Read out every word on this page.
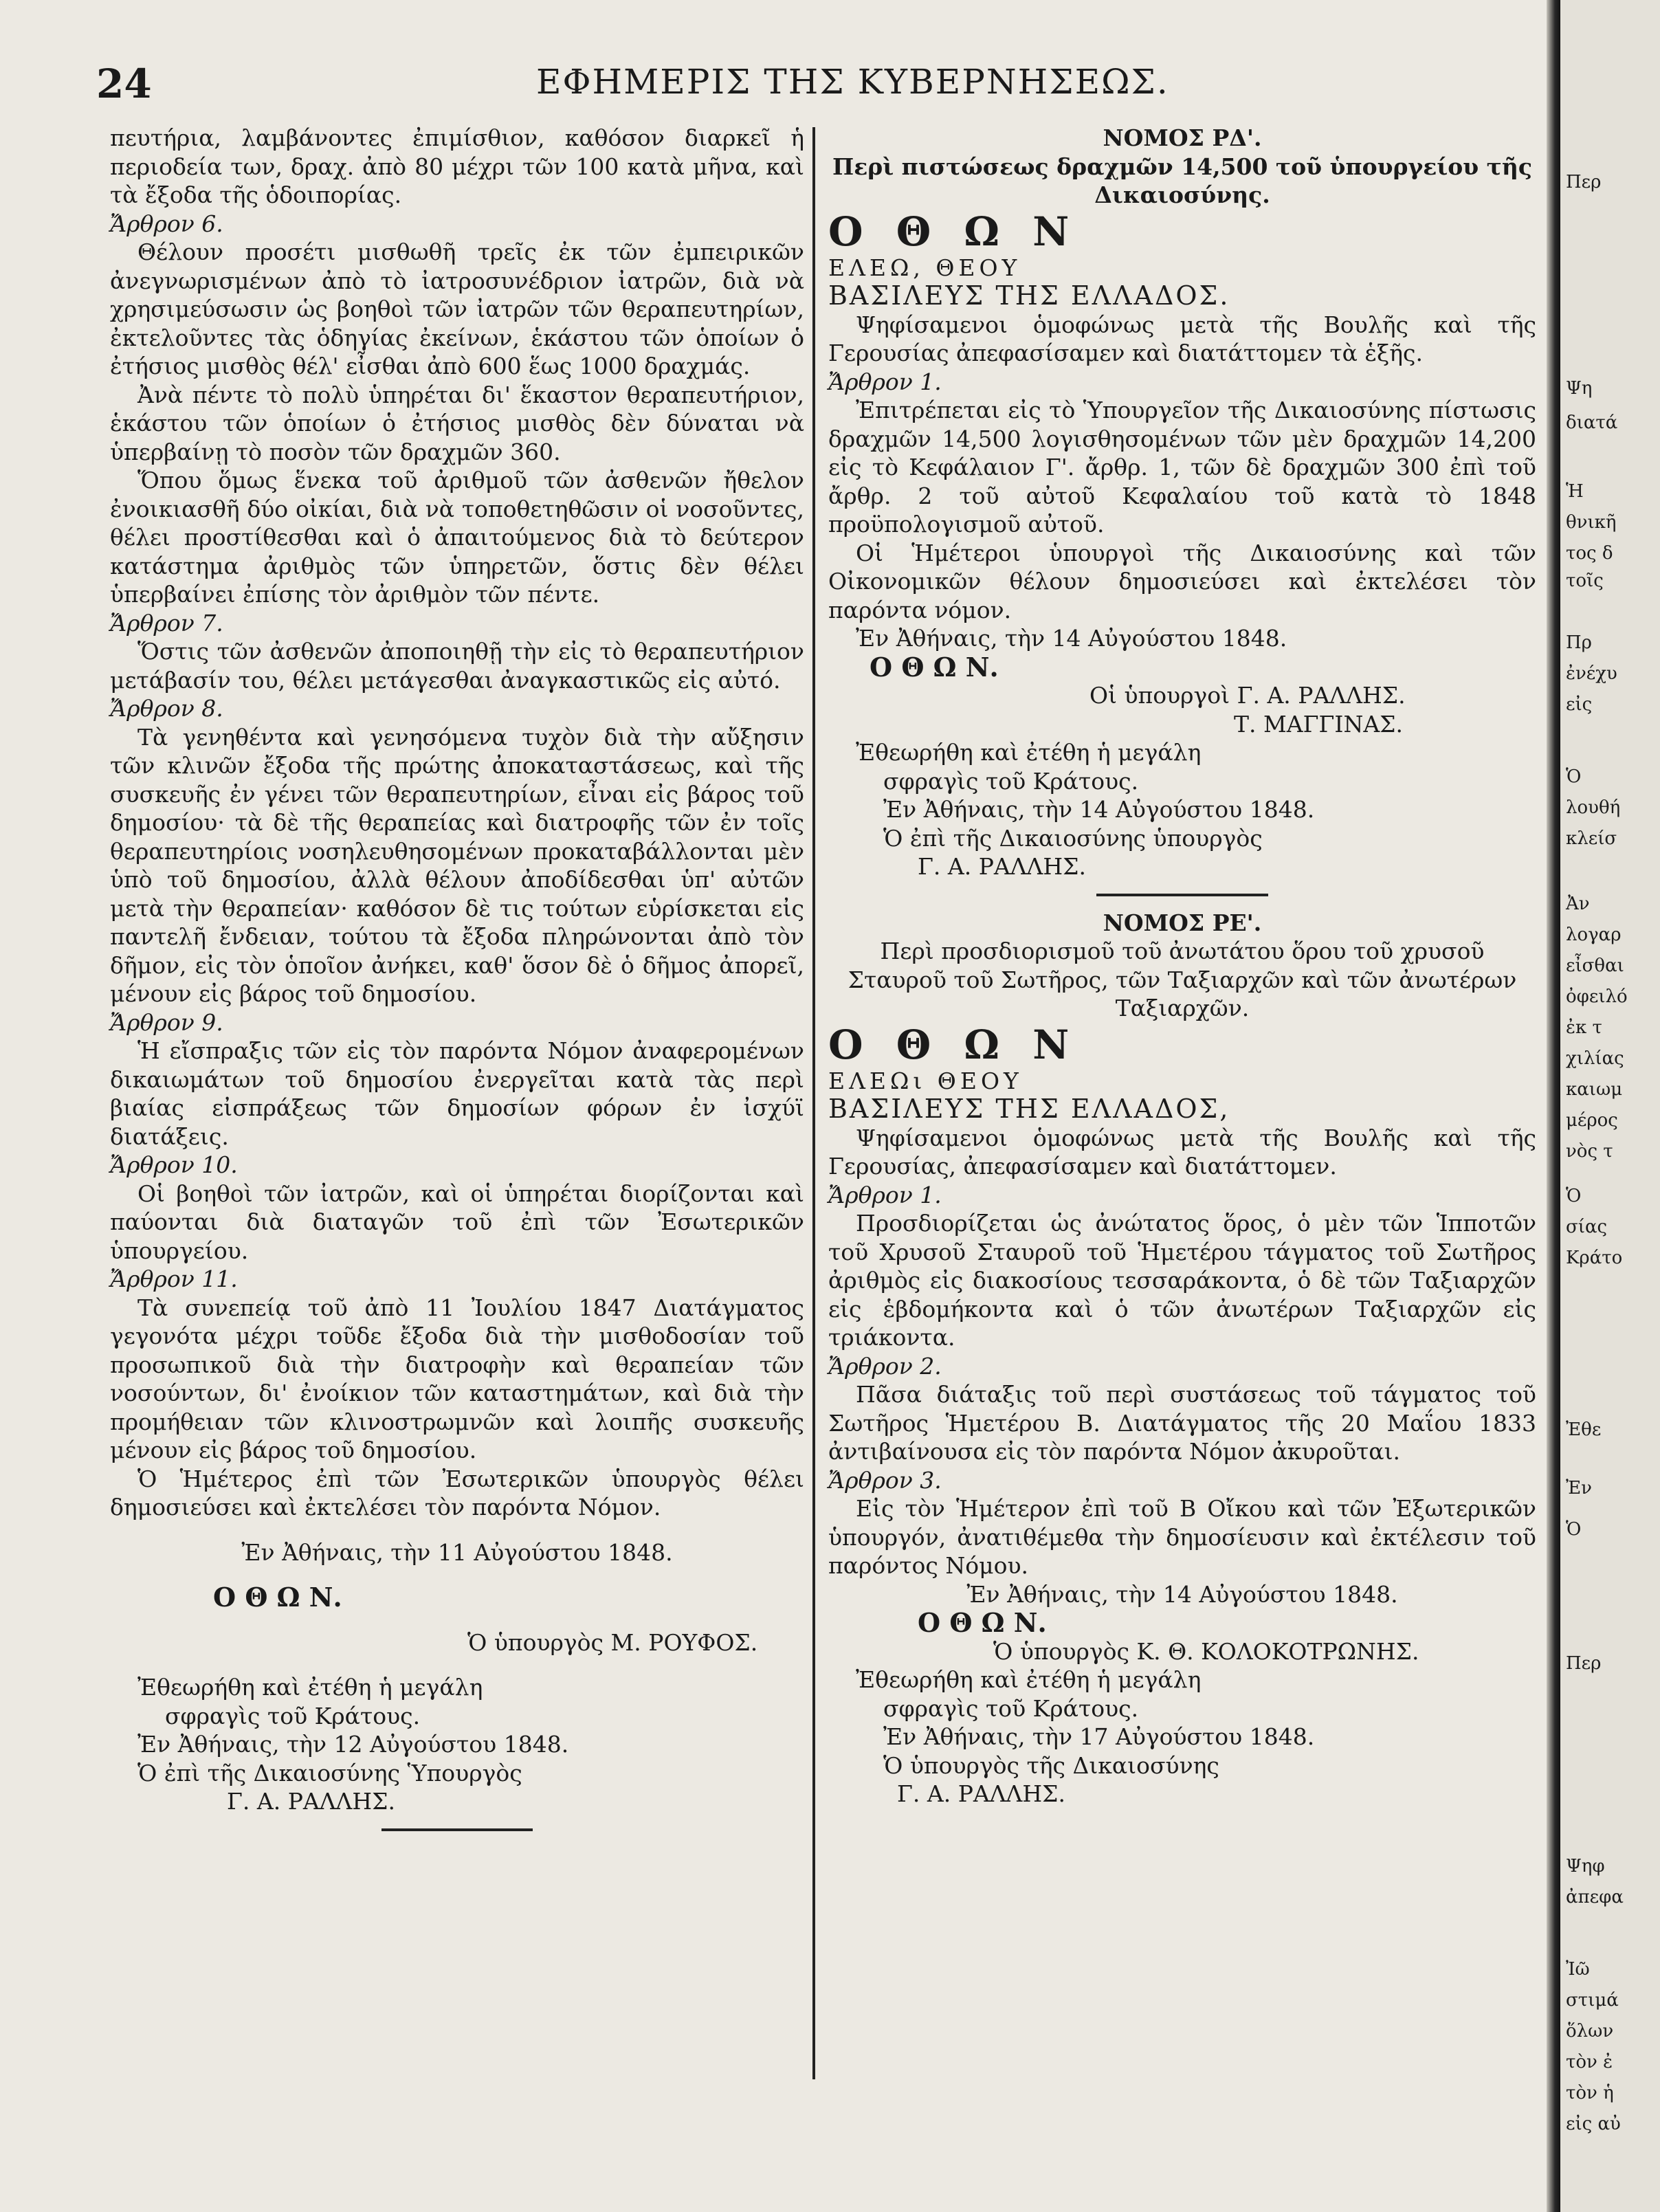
24	ΕΦΗΜΕΡΙΣ ΤΗΣ ΚΥΒΕΡΝΗΣΕΩΣ.

πευτήρια, λαμβάνοντες ἐπιμίσθιον, καθόσον διαρκεῖ ἡ περιοδεία των, δραχ. ἀπὸ 80 μέχρι τῶν 100 κατὰ μῆνα, καὶ τὰ ἔξοδα τῆς ὁδοιπορίας.

Ἄρθρον 6.

Θέλουν προσέτι μισθωθῆ τρεῖς ἐκ τῶν ἐμπειρικῶν ἀνεγνωρισμένων ἀπὸ τὸ ἰατροσυνέδριον ἰατρῶν, διὰ νὰ χρησιμεύσωσιν ὡς βοηθοὶ τῶν ἰατρῶν τῶν θεραπευτηρίων, ἐκτελοῦντες τὰς ὁδηγίας ἐκείνων, ἑκάστου τῶν ὁποίων ὁ ἐτήσιος μισθὸς θέλ' εἶσθαι ἀπὸ 600 ἕως 1000 δραχμάς.

Ἀνὰ πέντε τὸ πολὺ ὑπηρέται δι' ἕκαστον θεραπευτήριον, ἑκάστου τῶν ὁποίων ὁ ἐτήσιος μισθὸς δὲν δύναται νὰ ὑπερβαίνῃ τὸ ποσὸν τῶν δραχμῶν 360.

Ὅπου ὅμως ἕνεκα τοῦ ἀριθμοῦ τῶν ἀσθενῶν ἤθελον ἐνοικιασθῆ δύο οἰκίαι, διὰ νὰ τοποθετηθῶσιν οἱ νοσοῦντες, θέλει προστίθεσθαι καὶ ὁ ἀπαιτούμενος διὰ τὸ δεύτερον κατάστημα ἀριθμὸς τῶν ὑπηρετῶν, ὅστις δὲν θέλει ὑπερβαίνει ἐπίσης τὸν ἀριθμὸν τῶν πέντε.

Ἄρθρον 7.

Ὅστις τῶν ἀσθενῶν ἀποποιηθῇ τὴν εἰς τὸ θεραπευτήριον μετάβασίν του, θέλει μετάγεσθαι ἀναγκαστικῶς εἰς αὐτό.

Ἄρθρον 8.

Τὰ γενηθέντα καὶ γενησόμενα τυχὸν διὰ τὴν αὔξησιν τῶν κλινῶν ἔξοδα τῆς πρώτης ἀποκαταστάσεως, καὶ τῆς συσκευῆς ἐν γένει τῶν θεραπευτηρίων, εἶναι εἰς βάρος τοῦ δημοσίου· τὰ δὲ τῆς θεραπείας καὶ διατροφῆς τῶν ἐν τοῖς θεραπευτηρίοις νοσηλευθησομένων προκαταβάλλονται μὲν ὑπὸ τοῦ δημοσίου, ἀλλὰ θέλουν ἀποδίδεσθαι ὑπ' αὐτῶν μετὰ τὴν θεραπείαν· καθόσον δὲ τις τούτων εὑρίσκεται εἰς παντελῆ ἔνδειαν, τούτου τὰ ἔξοδα πληρώνονται ἀπὸ τὸν δῆμον, εἰς τὸν ὁποῖον ἀνήκει, καθ' ὅσον δὲ ὁ δῆμος ἀπορεῖ, μένουν εἰς βάρος τοῦ δημοσίου.

Ἄρθρον 9.

Ἡ εἴσπραξις τῶν εἰς τὸν παρόντα Νόμον ἀναφερομένων δικαιωμάτων τοῦ δημοσίου ἐνεργεῖται κατὰ τὰς περὶ βιαίας εἰσπράξεως τῶν δημοσίων φόρων ἐν ἰσχύϊ διατάξεις.

Ἄρθρον 10.

Οἱ βοηθοὶ τῶν ἰατρῶν, καὶ οἱ ὑπηρέται διορίζονται καὶ παύονται διὰ διαταγῶν τοῦ ἐπὶ τῶν Ἐσωτερικῶν ὑπουργείου.

Ἄρθρον 11.

Τὰ συνεπείᾳ τοῦ ἀπὸ 11 Ἰουλίου 1847 Διατάγματος γεγονότα μέχρι τοῦδε ἔξοδα διὰ τὴν μισθοδοσίαν τοῦ προσωπικοῦ διὰ τὴν διατροφὴν καὶ θεραπείαν τῶν νοσούντων, δι' ἐνοίκιον τῶν καταστημάτων, καὶ διὰ τὴν προμήθειαν τῶν κλινοστρωμνῶν καὶ λοιπῆς συσκευῆς μένουν εἰς βάρος τοῦ δημοσίου.

Ὁ Ἡμέτερος ἐπὶ τῶν Ἐσωτερικῶν ὑπουργὸς θέλει δημοσιεύσει καὶ ἐκτελέσει τὸν παρόντα Νόμον.

Ἐν Ἀθήναις, τὴν 11 Αὐγούστου 1848.

Ο Θ Ω Ν.

Ὁ ὑπουργὸς Μ. ΡΟΥΦΟΣ.

Ἐθεωρήθη καὶ ἐτέθη ἡ μεγάλη

σφραγὶς τοῦ Κράτους.

Ἐν Ἀθήναις, τὴν 12 Αὐγούστου 1848.

Ὁ ἐπὶ τῆς Δικαιοσύνης Ὑπουργὸς

Γ. Α. ΡΑΛΛΗΣ.

ΝΟΜΟΣ ΡΔ'.

Περὶ πιστώσεως δραχμῶν 14,500 τοῦ ὑπουργείου τῆς Δικαιοσύνης.

Ο Θ Ω Ν

ΕΛΕΩ, ΘΕΟΥ

ΒΑΣΙΛΕΥΣ ΤΗΣ ΕΛΛΑΔΟΣ.

Ψηφίσαμενοι ὁμοφώνως μετὰ τῆς Βουλῆς καὶ τῆς Γερουσίας ἀπεφασίσαμεν καὶ διατάττομεν τὰ ἑξῆς.

Ἄρθρον 1.

Ἐπιτρέπεται εἰς τὸ Ὑπουργεῖον τῆς Δικαιοσύνης πίστωσις δραχμῶν 14,500 λογισθησομένων τῶν μὲν δραχμῶν 14,200 εἰς τὸ Κεφάλαιον Γ'. ἄρθρ. 1, τῶν δὲ δραχμῶν 300 ἐπὶ τοῦ ἄρθρ. 2 τοῦ αὐτοῦ Κεφαλαίου τοῦ κατὰ τὸ 1848 προϋπολογισμοῦ αὐτοῦ.

Οἱ Ἡμέτεροι ὑπουργοὶ τῆς Δικαιοσύνης καὶ τῶν Οἰκονομικῶν θέλουν δημοσιεύσει καὶ ἐκτελέσει τὸν παρόντα νόμον.

Ἐν Ἀθήναις, τὴν 14 Αὐγούστου 1848.

Ο Θ Ω Ν.

Οἱ ὑπουργοὶ Γ. Α. ΡΑΛΛΗΣ.

Τ. ΜΑΓΓΙΝΑΣ.

Ἐθεωρήθη καὶ ἐτέθη ἡ μεγάλη

σφραγὶς τοῦ Κράτους.

Ἐν Ἀθήναις, τὴν 14 Αὐγούστου 1848.

Ὁ ἐπὶ τῆς Δικαιοσύνης ὑπουργὸς

Γ. Α. ΡΑΛΛΗΣ.

ΝΟΜΟΣ ΡΕ'.

Περὶ προσδιορισμοῦ τοῦ ἀνωτάτου ὅρου τοῦ χρυσοῦ Σταυροῦ τοῦ Σωτῆρος, τῶν Ταξιαρχῶν καὶ τῶν ἀνωτέρων Ταξιαρχῶν.

Ο Θ Ω Ν

ΕΛΕΩι ΘΕΟΥ

ΒΑΣΙΛΕΥΣ ΤΗΣ ΕΛΛΑΔΟΣ,

Ψηφίσαμενοι ὁμοφώνως μετὰ τῆς Βουλῆς καὶ τῆς Γερουσίας, ἀπεφασίσαμεν καὶ διατάττομεν.

Ἄρθρον 1.

Προσδιορίζεται ὡς ἀνώτατος ὅρος, ὁ μὲν τῶν Ἱπποτῶν τοῦ Χρυσοῦ Σταυροῦ τοῦ Ἡμετέρου τάγματος τοῦ Σωτῆρος ἀριθμὸς εἰς διακοσίους τεσσαράκοντα, ὁ δὲ τῶν Ταξιαρχῶν εἰς ἑβδομήκοντα καὶ ὁ τῶν ἀνωτέρων Ταξιαρχῶν εἰς τριάκοντα.

Ἄρθρον 2.

Πᾶσα διάταξις τοῦ περὶ συστάσεως τοῦ τάγματος τοῦ Σωτῆρος Ἡμετέρου Β. Διατάγματος τῆς 20 Μαΐου 1833 ἀντιβαίνουσα εἰς τὸν παρόντα Νόμον ἀκυροῦται.

Ἄρθρον 3.

Εἰς τὸν Ἡμέτερον ἐπὶ τοῦ Β Οἴκου καὶ τῶν Ἐξωτερικῶν ὑπουργόν, ἀνατιθέμεθα τὴν δημοσίευσιν καὶ ἐκτέλεσιν τοῦ παρόντος Νόμου.

Ἐν Ἀθήναις, τὴν 14 Αὐγούστου 1848.

Ο Θ Ω Ν.

Ὁ ὑπουργὸς Κ. Θ. ΚΟΛΟΚΟΤΡΩΝΗΣ.

Ἐθεωρήθη καὶ ἐτέθη ἡ μεγάλη

σφραγὶς τοῦ Κράτους.

Ἐν Ἀθήναις, τὴν 17 Αὐγούστου 1848.

Ὁ ὑπουργὸς τῆς Δικαιοσύνης

Γ. Α. ΡΑΛΛΗΣ.

Περ
Ψη
διατά
Ἡ
θνικῆ
τος δ
τοῖς
Πρ
ἐνέχυ
εἰς
Ὁ
λουθή
κλείσ
Ἀν
λογαρ
εἶσθαι
ὀφειλό
ἐκ τ
χιλίας
καιωμ
μέρος
νὸς τ
Ὁ
σίας
Κράτο
Ἐθε
Ἐν
Ὁ
Περ
Ψηφ
ἀπεφα
Ἰῶ
στιμά
ὅλων
τὸν ἐ
τὸν ἡ
εἰς αὐ
